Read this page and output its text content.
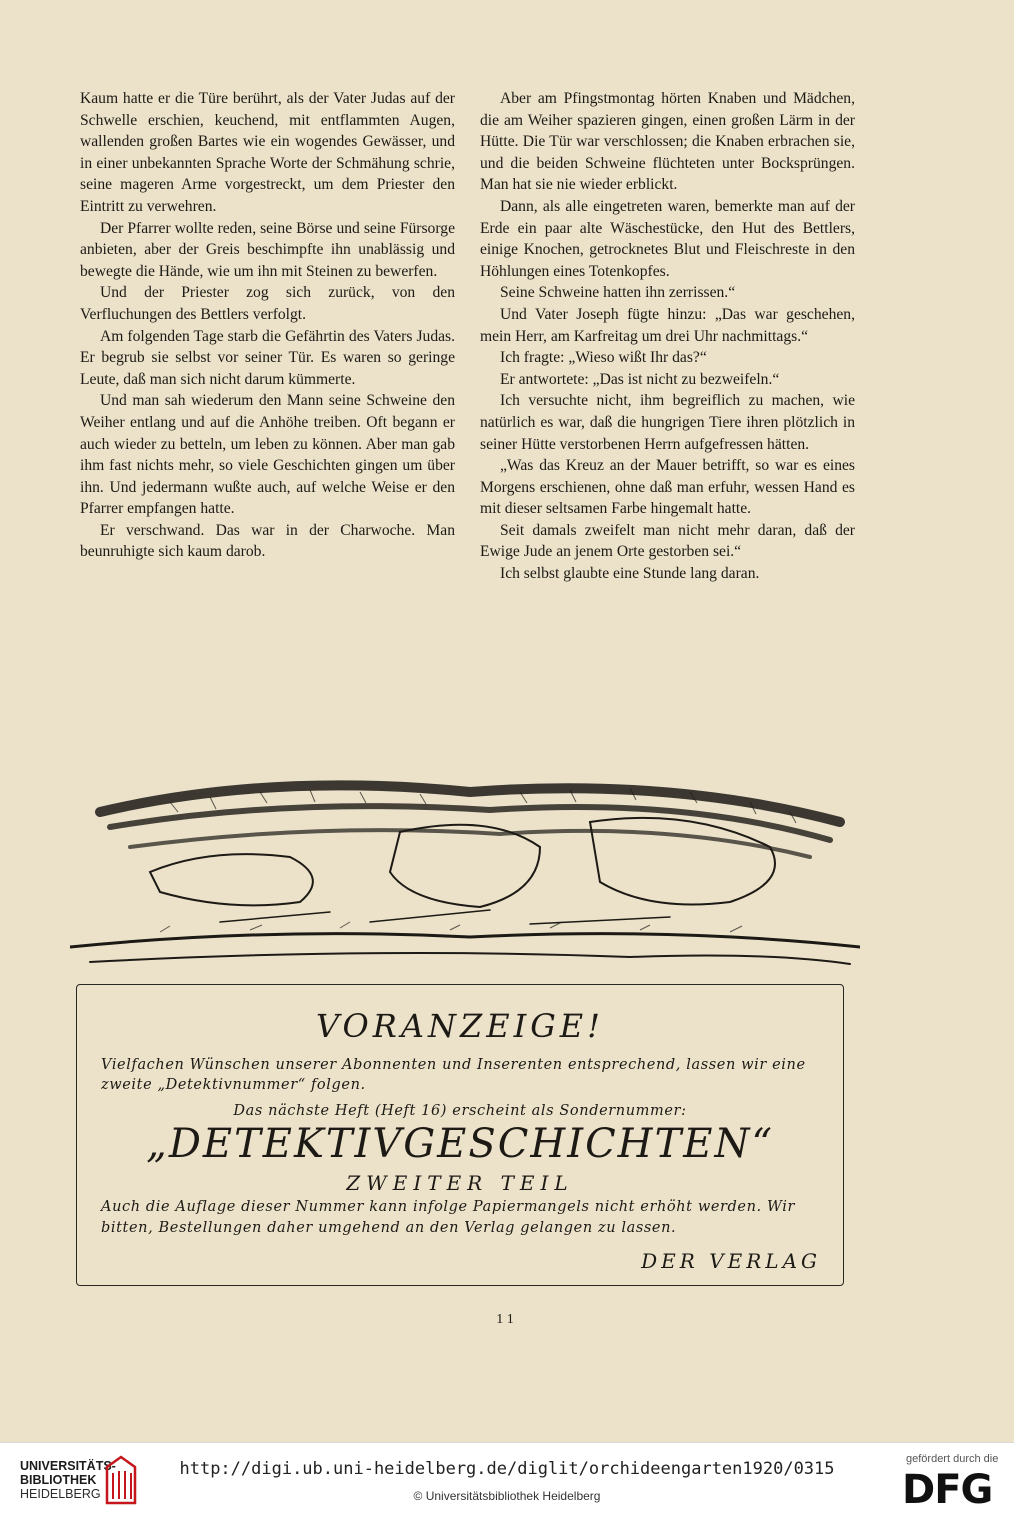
Kaum hatte er die Türe berührt, als der Vater Judas auf der Schwelle erschien, keuchend, mit entflammten Augen, wallenden großen Bartes wie ein wogendes Gewässer, und in einer unbekannten Sprache Worte der Schmähung schrie, seine mageren Arme vorgestreckt, um dem Priester den Eintritt zu verwehren.

Der Pfarrer wollte reden, seine Börse und seine Fürsorge anbieten, aber der Greis beschimpfte ihn unablässig und bewegte die Hände, wie um ihn mit Steinen zu bewerfen.

Und der Priester zog sich zurück, von den Verfluchungen des Bettlers verfolgt.

Am folgenden Tage starb die Gefährtin des Vaters Judas. Er begrub sie selbst vor seiner Tür. Es waren so geringe Leute, daß man sich nicht darum kümmerte.

Und man sah wiederum den Mann seine Schweine den Weiher entlang und auf die Anhöhe treiben. Oft begann er auch wieder zu betteln, um leben zu können. Aber man gab ihm fast nichts mehr, so viele Geschichten gingen um über ihn. Und jedermann wußte auch, auf welche Weise er den Pfarrer empfangen hatte.

Er verschwand. Das war in der Charwoche. Man beunruhigte sich kaum darob.

Aber am Pfingstmontag hörten Knaben und Mädchen, die am Weiher spazieren gingen, einen großen Lärm in der Hütte. Die Tür war verschlossen; die Knaben erbrachen sie, und die beiden Schweine flüchteten unter Bocksprüngen. Man hat sie nie wieder erblickt.

Dann, als alle eingetreten waren, bemerkte man auf der Erde ein paar alte Wäschestücke, den Hut des Bettlers, einige Knochen, getrocknetes Blut und Fleischreste in den Höhlungen eines Totenkopfes.

Seine Schweine hatten ihn zerrissen.“

Und Vater Joseph fügte hinzu: „Das war geschehen, mein Herr, am Karfreitag um drei Uhr nachmittags.“

Ich fragte: „Wieso wißt Ihr das?“

Er antwortete: „Das ist nicht zu bezweifeln.“

Ich versuchte nicht, ihm begreiflich zu machen, wie natürlich es war, daß die hungrigen Tiere ihren plötzlich in seiner Hütte verstorbenen Herrn aufgefressen hätten.

„Was das Kreuz an der Mauer betrifft, so war es eines Morgens erschienen, ohne daß man erfuhr, wessen Hand es mit dieser seltsamen Farbe hingemalt hatte.

Seit damals zweifelt man nicht mehr daran, daß der Ewige Jude an jenem Orte gestorben sei.“

Ich selbst glaubte eine Stunde lang daran.

VORANZEIGE!
Vielfachen Wünschen unserer Abonnenten und Inserenten entsprechend, lassen wir eine zweite „Detektivnummer“ folgen.
Das nächste Heft (Heft 16) erscheint als Sondernummer:
„DETEKTIVGESCHICHTEN“
ZWEITER TEIL
Auch die Auflage dieser Nummer kann infolge Papiermangels nicht erhöht werden. Wir bitten, Bestellungen daher umgehend an den Verlag gelangen zu lassen.
DER VERLAG
11
UNIVERSITÄTS-
BIBLIOTHEK
HEIDELBERG
http://digi.ub.uni-heidelberg.de/diglit/orchideengarten1920/0315
© Universitätsbibliothek Heidelberg
gefördert durch die
DFG
